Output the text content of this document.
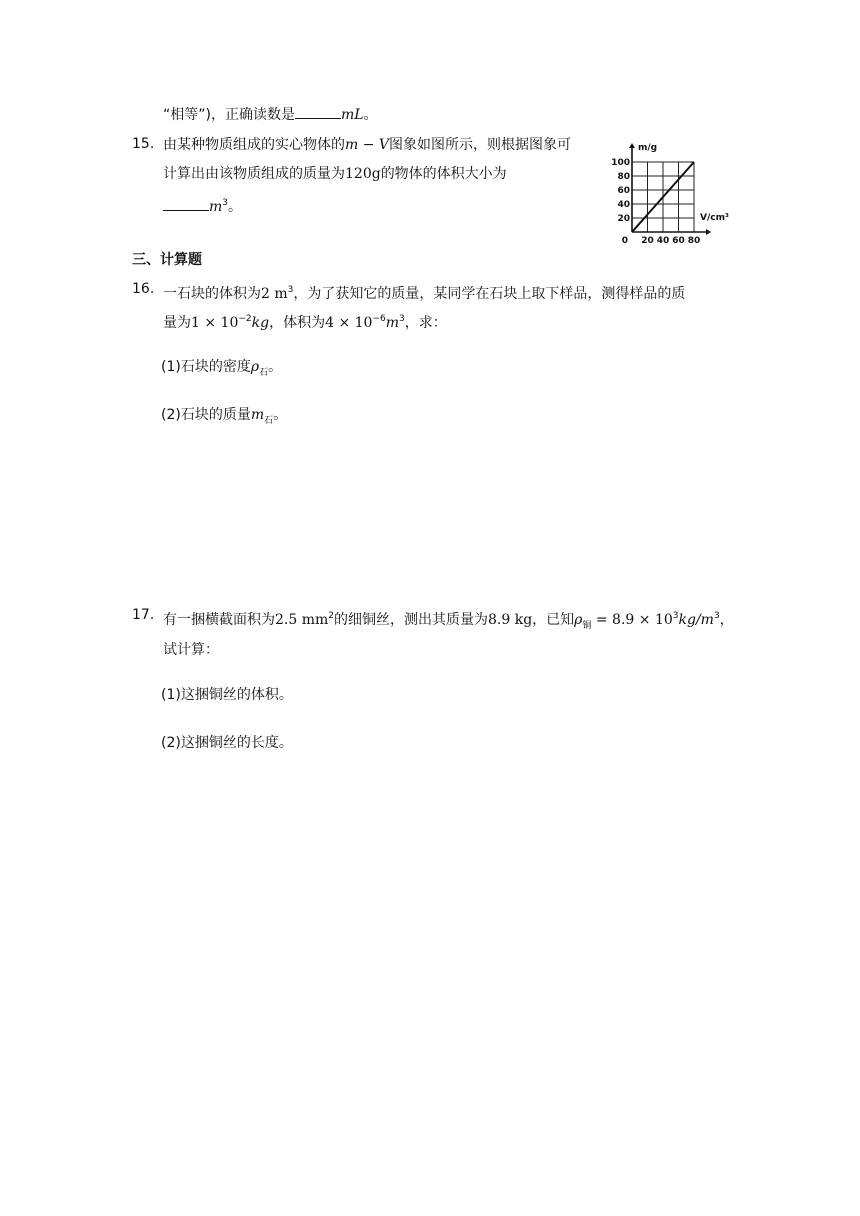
“相等”)，正确读数是	mL。
15. 由某种物质组成的实心物体的m − V图象如图所示，则根据图象可
计算出由该物质组成的质量为120g的物体的体积大小为
$m^3$。
20
40
60
80
100
20 40 60 80
0
m/g
V/cm³
三、计算题
16. 一石块的体积为2 $m^3$，为了获知它的质量，某同学在石块上取下样品，测得样品的质
量为$1 \times 10^{-2}kg$，体积为$4 \times 10^{-6}m^3$，求：
(1)石块的密度$\rho_石$。
(2)石块的质量$m_石$。
17. 有一捆横截面积为2.5 $mm^2$的细铜丝，测出其质量为8.9 kg，已知$\rho_铜 = 8.9 \times 10^3kg/m^3$，
试计算：
(1)这捆铜丝的体积。
(2)这捆铜丝的长度。
